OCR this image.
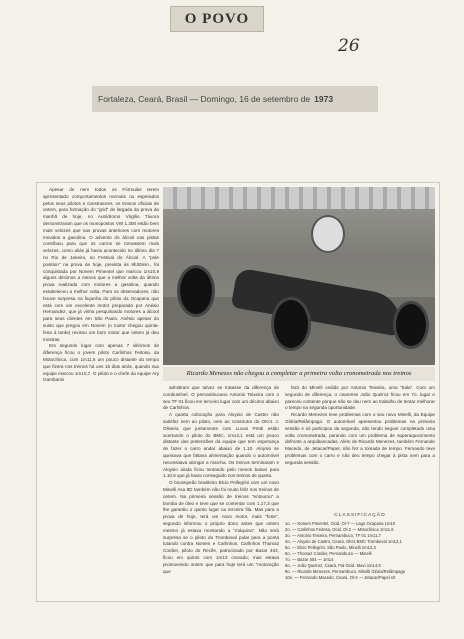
O POVO
26
Fortaleza, Ceará, Brasil — Domingo, 16 de setembro de 1973

Apesar de nem todos os Fórmulas terem apresentado comportamentos normais ou esperados pelos seus pilotos e construtores, os treinos oficiais de ontem, para formação do "grid" de largada da prova da manhã de hoje, no Autódromo Virgílio Távora demonstraram que os monopostos VW 1.300 estão bem mais velozes que nas provas anteriores com motores movidos a gasolina. O advento do álcool nas pistas contribuiu para que os carros se tornassem mais velozes, como aliás já havia acontecido no último dia 7 no Rio de Janeiro, no Festival do Álcool. A "pole position" na prova de hoje, prevista às 9h30min., foi conquistada por Nonem Pimentel que marcou 1m10,9 alguns décimos a menos que a melhor volta da última prova realizada com motores a gasolina, quando estabeleceu a melhor volta. Para os observadores, não houve surpresa na façanha do piloto da Ocapana que está com um excelente motor preparado por Anésio Hernandez, que já vinha pesquisando motores a álcool para seus clientes em São Paulo. Anésio apesar do susto que pregou em Nonem (o motor chegou quinta-feira à tarde) revisou um bom motor que ontem já deu mostras.

Em segundo lugar com apenas 7 décimos de diferença ficou o jovem piloto Carlinhos Feitosa, da Motoclínica, com 1m11,6 um pouco distante do tempo que fizera nos treinos há uns 15 dias atrás, quando sua equipe marcou 1m10,7. O piloto e o chefe da equipe Ary Gambarini

Ricardo Menezes não chegou a completar a primeira volta cronometrada nos treinos

admitiram que talvez se tratasse da diferença de combustível. O pernambucano Antonio Teixeira com o seu TF 01 ficou em terceiro lugar com um décimo abaixo de Carlinhos.

A quarta colocação para Aloysio de Castro não satisfez nem ao piloto, nem ao construtor do OK/4. J. Oliveira que juntamente com Lucas Pretti estão acertando o piloto do BMC, 1m12,1 está um pouco distante das pretensões da equipe que tem esperança de fazer o carro andar abaixo de 1.10. Aloysio se queixava que faltava alimentação quando o automóvel necessitava alongar a marcha. Os treinos terminaram e Aloysio ainda ficou tentando pelo menos baixar para 1.10,6 que já havia conseguido nos treinos de quarta.

O bicampeão brasileiro Elcio Pellegrini com um novo Minelli Asa 8D também não foi muito feliz nos treinos de ontem. Na primeira sessão de treinos "entourou" a bomba de óleo e teve que se contentar com 1.17,3 que lhe garantiu o quinto lugar na terceira fila. Mas para a prova de hoje, terá um novo motor, mais "forte", segundo informou o próprio dono antes que ontem mesmo já estava montando a "máquina". Não será surpresa se o piloto do Trombeval pular para a ponta lutando contra Nonem e Carlinhos. Carlinhos Thomaz Cordier, piloto do Recife, patrocinado por Bazar 404, ficou em quinto com 1m13 cravado; mas estava promovendo ontem que para hoje terá um "motoração que

fará do Minelli cedido por Antonio Teixeira, uma "bala". Com um segundo de diferença, o cearense João Queiroz ficou em 7o. lugar e pareceu contente porque não se deu nem ao trabalho de tentar melhorar o tempo na segunda oportunidade.

Ricardo Menezes teve problemas com o seu novo Minelli, da Equipe Glória/Relâmpago. O automóvel apresentou problemas na primeira sessão e só participou da segunda, não tendo seguer completado uma volta cronometrada, parando com um problema de superaquecimento defronte a arquibancadas. Além de Ricardo Menezes, também Fernando Macedo, de Jetacar/Papel, não fez a tomada de tempo. Fernando teve problemas com o carro e não deu tempo chegar à pista nem para a segunda sessão.

CLASSIFICAÇÃO
1o. — Nonem Pimentel, Ocid. Ol-7 — Lago Ocapana 1m10
2o. — Carlinhos Feitosa, Ocid. Ol-2 — Motoclínica 1m11,6
3o. — Antonio Teixeira, Pernambuco, TF 01 1m11,7
4o. — Aloysio de Castro, Ceará, OK/4 BMC Trombeval 1m12,1
5o. — Elcio Pellegrini, São Paulo, Minelli 1m12,3
6o. — Thomaz Cordier, Pernambuco — Minelli
7o. — Bazar 404 — 1m14
8o. — João Queiroz, Ceará, Pal-Ocid. Mavi 1m14,8
9o. — Ricardo Menezes, Pernambuco, Minelli Glória/Relâmpago
10o. — Fernando Macedo, Ceará, Ol-3 — Jetacar/Papel s/t
